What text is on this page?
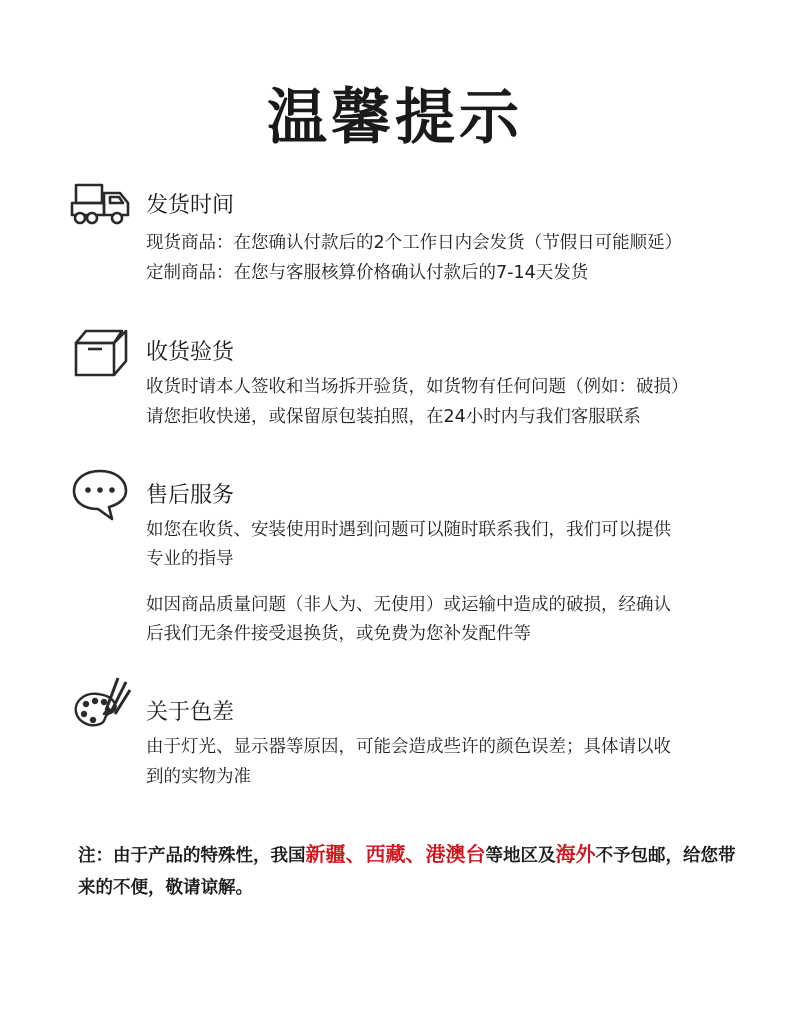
温馨提示
发货时间
现货商品：在您确认付款后的2个工作日内会发货（节假日可能顺延）
定制商品：在您与客服核算价格确认付款后的7-14天发货
收货验货
收货时请本人签收和当场拆开验货，如货物有任何问题（例如：破损）
请您拒收快递，或保留原包装拍照，在24小时内与我们客服联系
售后服务
如您在收货、安装使用时遇到问题可以随时联系我们，我们可以提供
专业的指导
如因商品质量问题（非人为、无使用）或运输中造成的破损，经确认
后我们无条件接受退换货，或免费为您补发配件等
关于色差
由于灯光、显示器等原因，可能会造成些许的颜色误差；具体请以收
到的实物为准
注：由于产品的特殊性，我国新疆、西藏、港澳台等地区及海外不予包邮，给您带来的不便，敬请谅解。
